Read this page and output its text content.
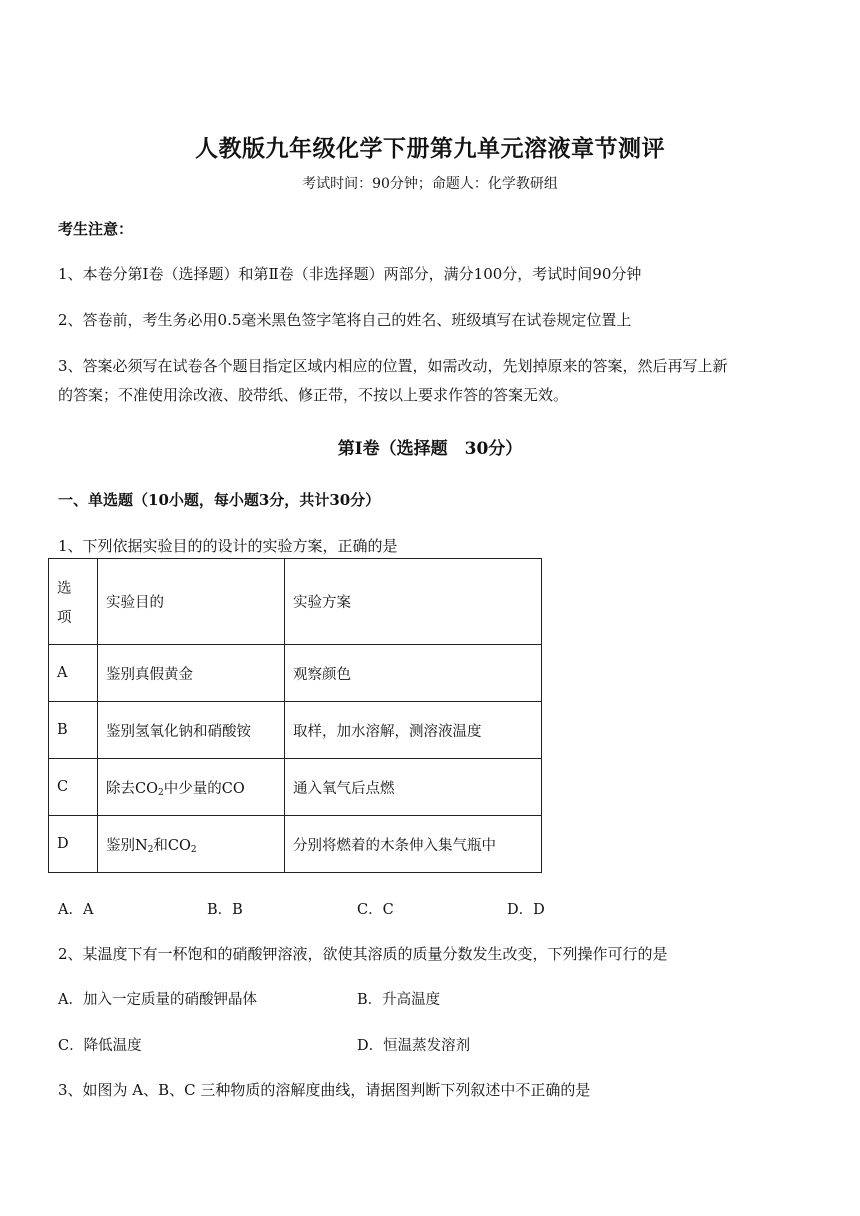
人教版九年级化学下册第九单元溶液章节测评
考试时间：90分钟；命题人：化学教研组
考生注意：
1、本卷分第Ⅰ卷（选择题）和第Ⅱ卷（非选择题）两部分，满分100分，考试时间90分钟
2、答卷前，考生务必用0.5毫米黑色签字笔将自己的姓名、班级填写在试卷规定位置上
3、答案必须写在试卷各个题目指定区域内相应的位置，如需改动，先划掉原来的答案，然后再写上新
的答案；不准使用涂改液、胶带纸、修正带，不按以上要求作答的答案无效。
第Ⅰ卷（选择题　30分）
一、单选题（10小题，每小题3分，共计30分）
1、下列依据实验目的的设计的实验方案，正确的是
选
项	实验目的	实验方案
A	鉴别真假黄金	观察颜色
B	鉴别氢氧化钠和硝酸铵	取样，加水溶解，测溶液温度
C	除去$CO_2$中少量的CO	通入氧气后点燃
D	鉴别$N_2$和$CO_2$	分别将燃着的木条伸入集气瓶中
A．A	B．B	C．C	D．D
2、某温度下有一杯饱和的硝酸钾溶液，欲使其溶质的质量分数发生改变，下列操作可行的是
A．加入一定质量的硝酸钾晶体	B．升高温度
C．降低温度	D．恒温蒸发溶剂
3、如图为 A、B、C 三种物质的溶解度曲线，请据图判断下列叙述中不正确的是
